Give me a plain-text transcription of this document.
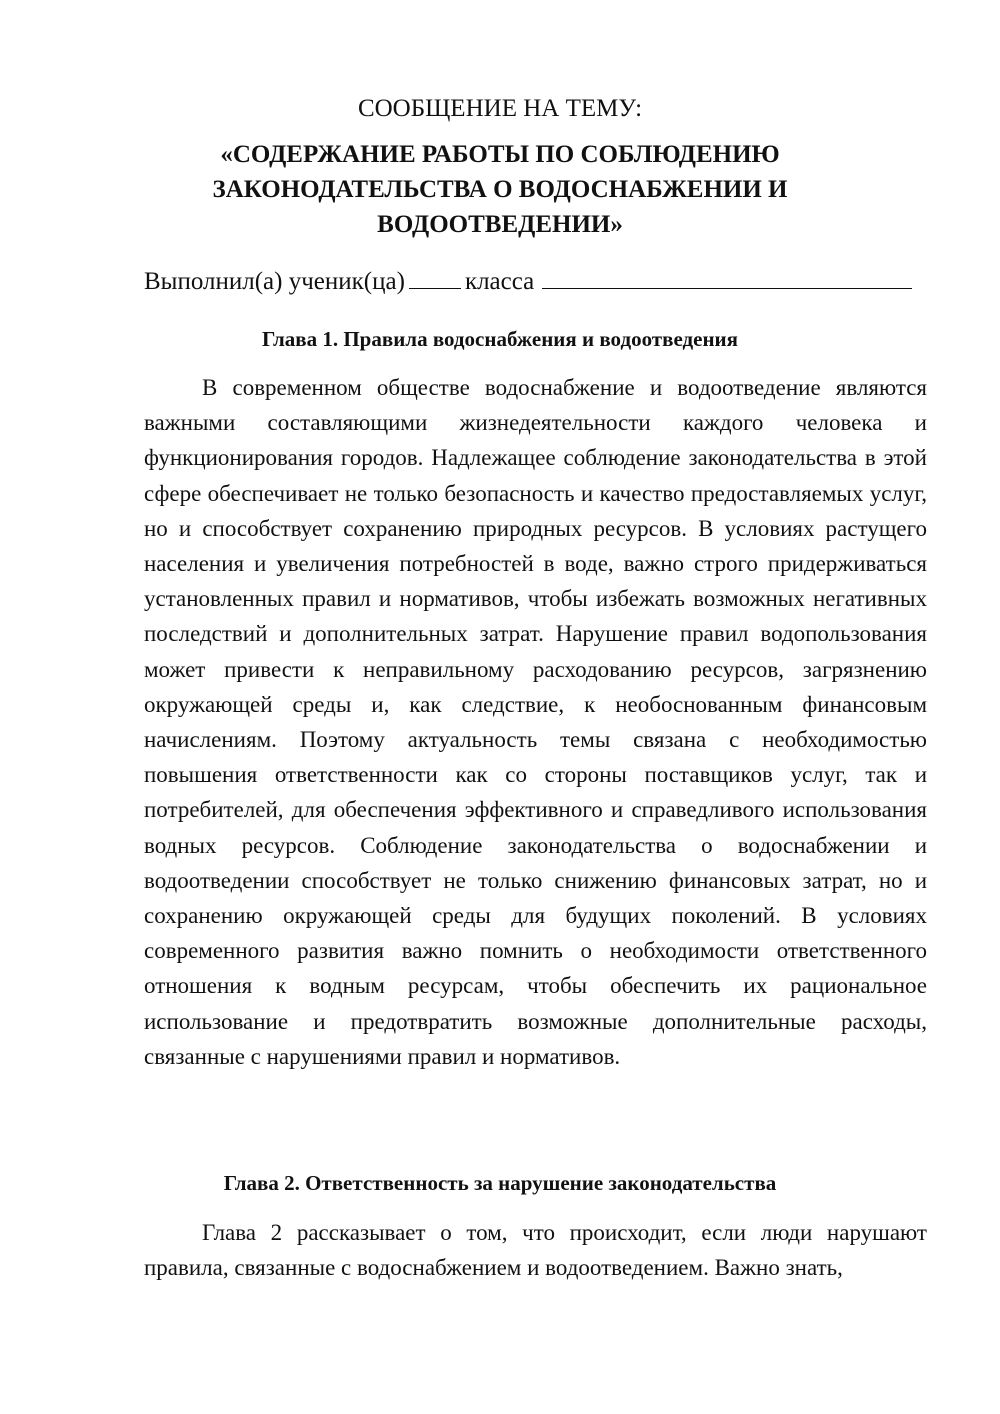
СООБЩЕНИЕ НА ТЕМУ:

«СОДЕРЖАНИЕ РАБОТЫ ПО СОБЛЮДЕНИЮ

ЗАКОНОДАТЕЛЬСТВА О ВОДОСНАБЖЕНИИ И

ВОДООТВЕДЕНИИ»

Выполнил(а) ученик(ца) класса

Глава 1. Правила водоснабжения и водоотведения

В современном обществе водоснабжение и водоотведение являются важными составляющими жизнедеятельности каждого человека и функционирования городов. Надлежащее соблюдение законодательства в этой сфере обеспечивает не только безопасность и качество предоставляемых услуг, но и способствует сохранению природных ресурсов. В условиях растущего населения и увеличения потребностей в воде, важно строго придерживаться установленных правил и нормативов, чтобы избежать возможных негативных последствий и дополнительных затрат. Нарушение правил водопользования может привести к неправильному расходованию ресурсов, загрязнению окружающей среды и, как следствие, к необоснованным финансовым начислениям. Поэтому актуальность темы связана с необходимостью повышения ответственности как со стороны поставщиков услуг, так и потребителей, для обеспечения эффективного и справедливого использования водных ресурсов. Соблюдение законодательства о водоснабжении и водоотведении способствует не только снижению финансовых затрат, но и сохранению окружающей среды для будущих поколений. В условиях современного развития важно помнить о необходимости ответственного отношения к водным ресурсам, чтобы обеспечить их рациональное использование и предотвратить возможные дополнительные расходы, связанные с нарушениями правил и нормативов.

Глава 2. Ответственность за нарушение законодательства

Глава 2 рассказывает о том, что происходит, если люди нарушают правила, связанные с водоснабжением и водоотведением. Важно знать,
